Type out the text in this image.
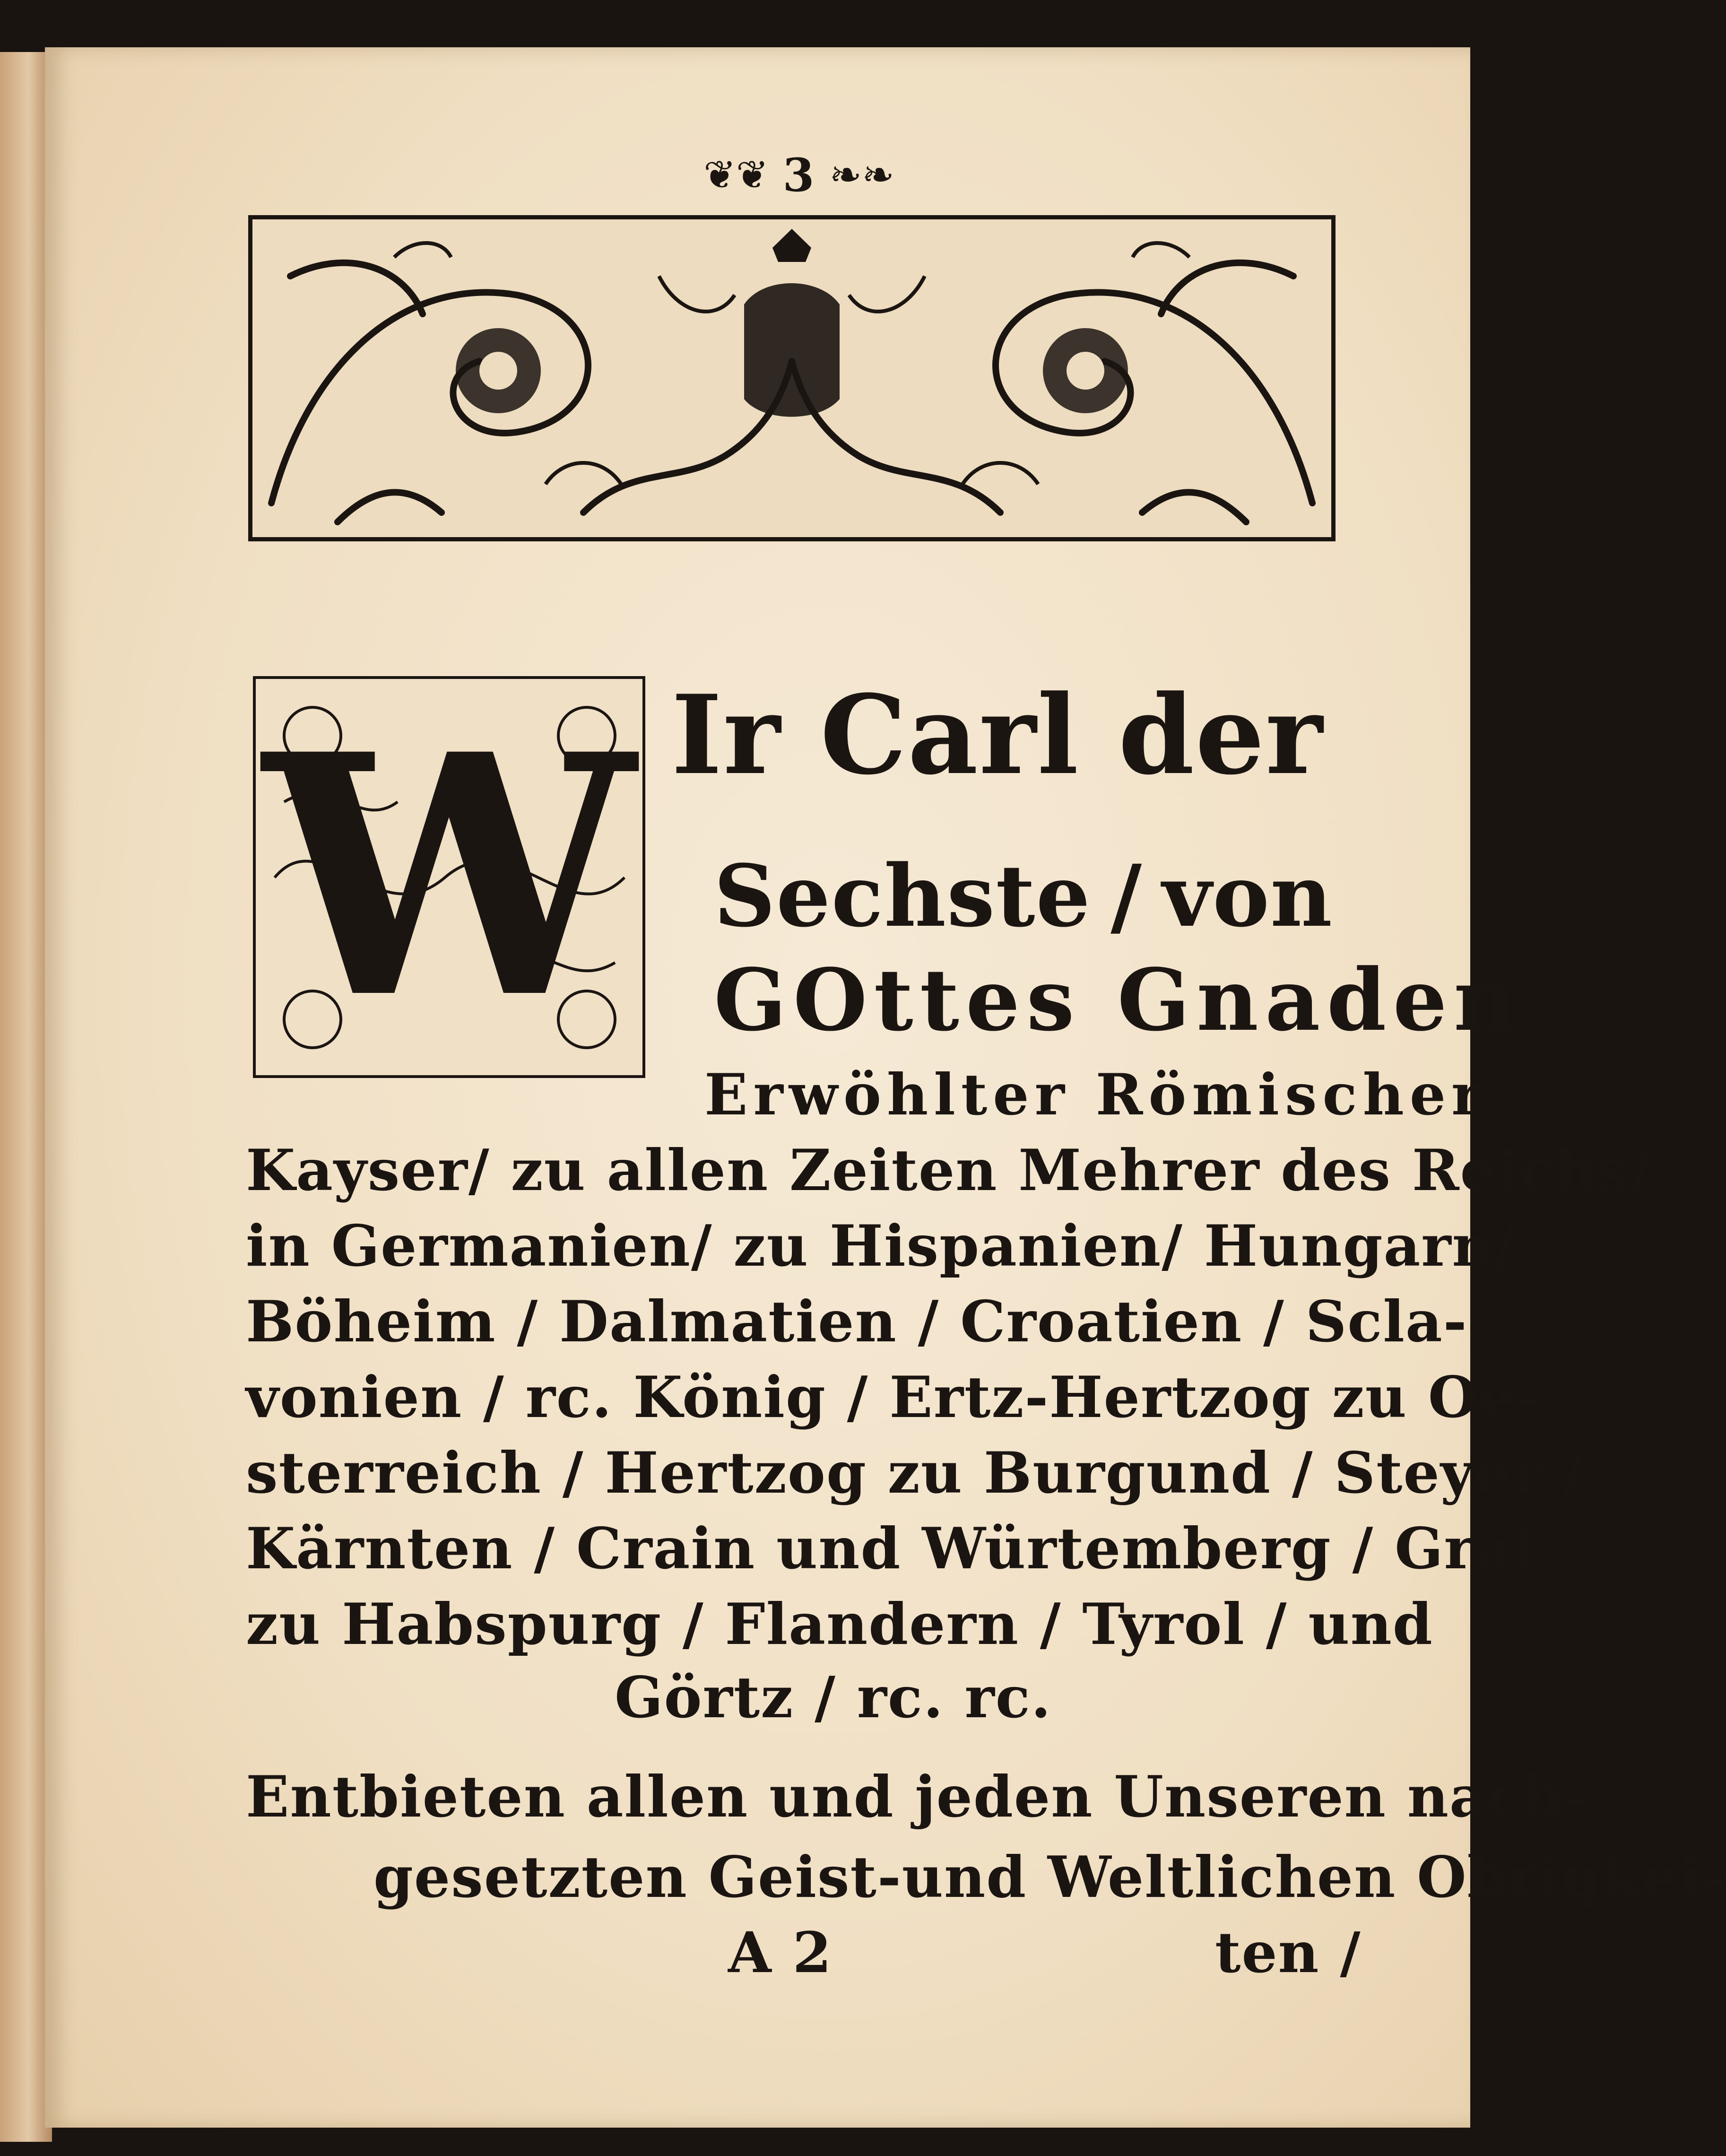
❦❦ 3 ❧❧
W Ir Carl der
Sechste / von
GOttes Gnaden
Erwöhlter Römischer
Kayser/ zu allen Zeiten Mehrer des Reichs/
in Germanien/ zu Hispanien/ Hungarn/
Böheim / Dalmatien / Croatien / Scla-
vonien / rc. König / Ertz-Hertzog zu Oe-
sterreich / Hertzog zu Burgund / Steyer /
Kärnten / Crain und Würtemberg / Graf
zu Habspurg / Flandern / Tyrol / und
Görtz / rc. rc.
Entbieten allen und jeden Unseren nach-
gesetzten Geist-und Weltlichen Obrigkei-
A 2	ten /
